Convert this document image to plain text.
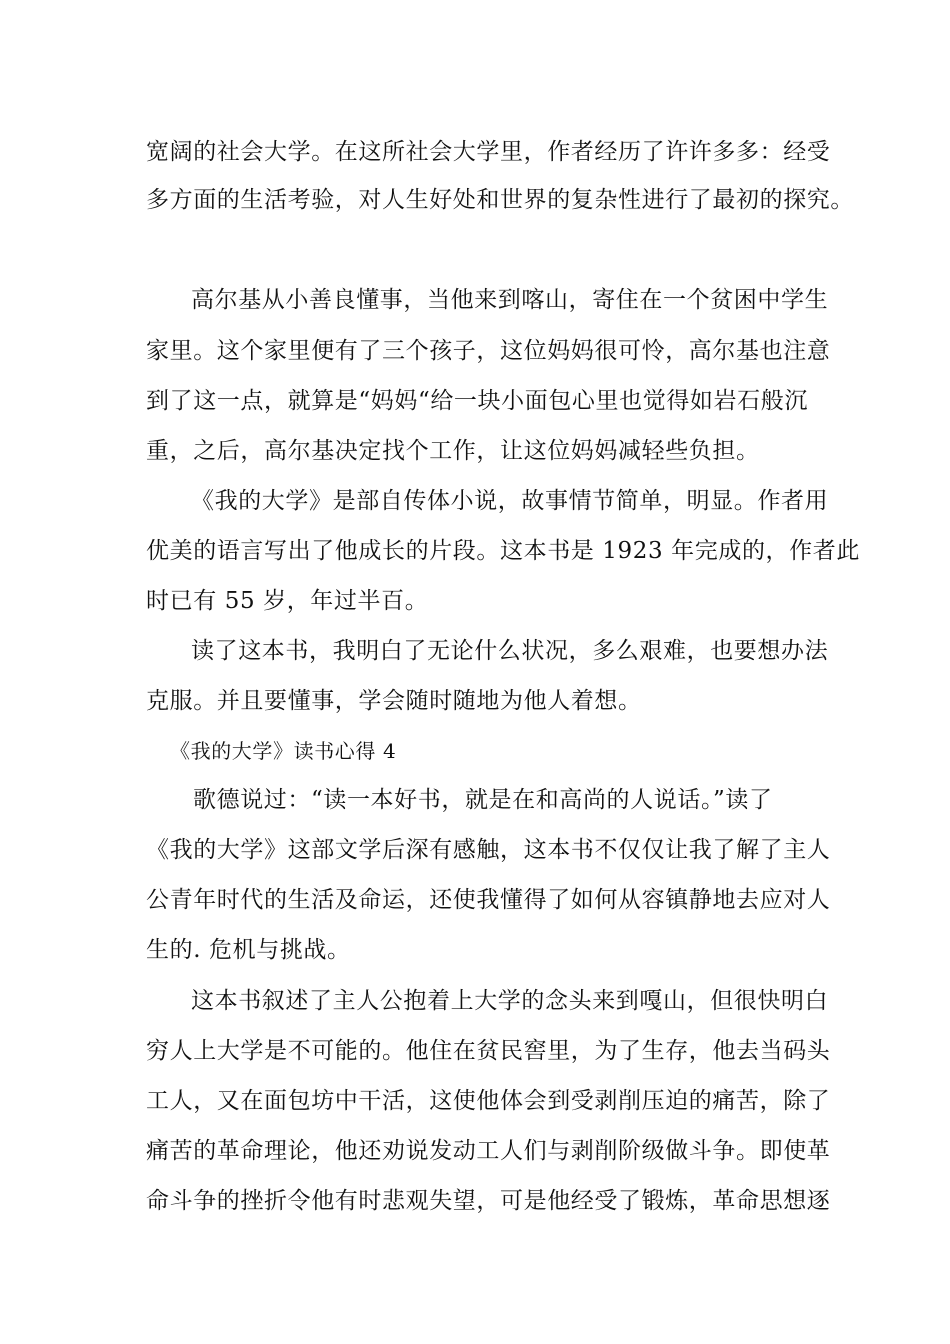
宽阔的社会大学。在这所社会大学里，作者经历了许许多多：经受
多方面的生活考验，对人生好处和世界的复杂性进行了最初的探究。
高尔基从小善良懂事，当他来到喀山，寄住在一个贫困中学生
家里。这个家里便有了三个孩子，这位妈妈很可怜，高尔基也注意
到了这一点，就算是“妈妈“给一块小面包心里也觉得如岩石般沉
重，之后，高尔基决定找个工作，让这位妈妈减轻些负担。
《我的大学》是部自传体小说，故事情节简单，明显。作者用
优美的语言写出了他成长的片段。这本书是 1923 年完成的，作者此
时已有 55 岁，年过半百。
读了这本书，我明白了无论什么状况，多么艰难，也要想办法
克服。并且要懂事，学会随时随地为他人着想。
《我的大学》读书心得 4
歌德说过：“读一本好书，就是在和高尚的人说话。”读了
《我的大学》这部文学后深有感触，这本书不仅仅让我了解了主人
公青年时代的生活及命运，还使我懂得了如何从容镇静地去应对人
生的. 危机与挑战。
这本书叙述了主人公抱着上大学的念头来到嘎山，但很快明白
穷人上大学是不可能的。他住在贫民窖里，为了生存，他去当码头
工人，又在面包坊中干活，这使他体会到受剥削压迫的痛苦，除了
痛苦的革命理论，他还劝说发动工人们与剥削阶级做斗争。即使革
命斗争的挫折令他有时悲观失望，可是他经受了锻炼，革命思想逐
